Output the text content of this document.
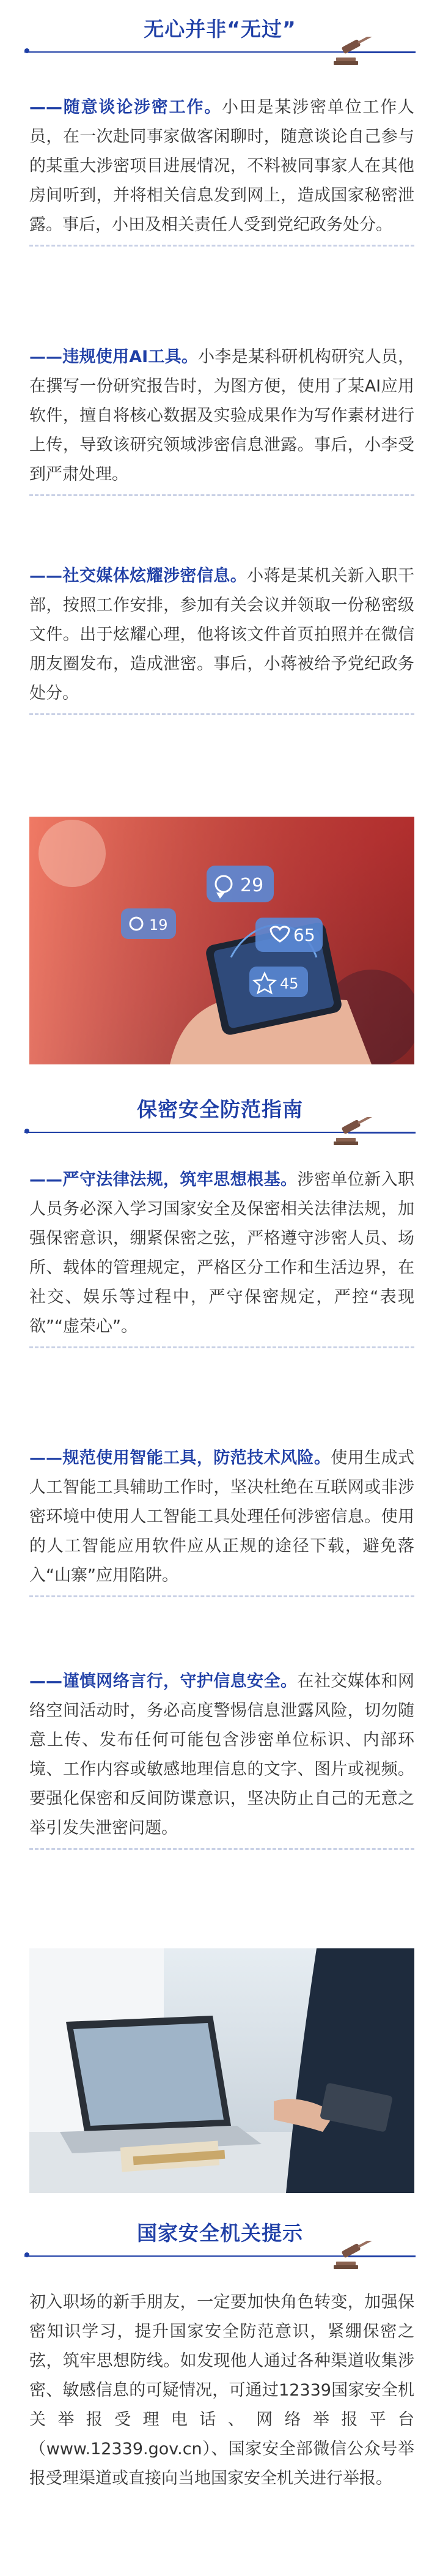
无心并非“无过”

——随意谈论涉密工作。小田是某涉密单位工作人员，在一次赴同事家做客闲聊时，随意谈论自己参与的某重大涉密项目进展情况，不料被同事家人在其他房间听到，并将相关信息发到网上，造成国家秘密泄露。事后，小田及相关责任人受到党纪政务处分。

——违规使用AI工具。小李是某科研机构研究人员，在撰写一份研究报告时，为图方便，使用了某AI应用软件，擅自将核心数据及实验成果作为写作素材进行上传，导致该研究领域涉密信息泄露。事后，小李受到严肃处理。

——社交媒体炫耀涉密信息。小蒋是某机关新入职干部，按照工作安排，参加有关会议并领取一份秘密级文件。出于炫耀心理，他将该文件首页拍照并在微信朋友圈发布，造成泄密。事后，小蒋被给予党纪政务处分。

29
19	65
45
保密安全防范指南

——严守法律法规，筑牢思想根基。涉密单位新入职人员务必深入学习国家安全及保密相关法律法规，加强保密意识，绷紧保密之弦，严格遵守涉密人员、场所、载体的管理规定，严格区分工作和生活边界，在社交、娱乐等过程中，严守保密规定，严控“表现欲”“虚荣心”。

——规范使用智能工具，防范技术风险。使用生成式人工智能工具辅助工作时，坚决杜绝在互联网或非涉密环境中使用人工智能工具处理任何涉密信息。使用的人工智能应用软件应从正规的途径下载，避免落入“山寨”应用陷阱。

——谨慎网络言行，守护信息安全。在社交媒体和网络空间活动时，务必高度警惕信息泄露风险，切勿随意上传、发布任何可能包含涉密单位标识、内部环境、工作内容或敏感地理信息的文字、图片或视频。要强化保密和反间防谍意识，坚决防止自己的无意之举引发失泄密问题。

国家安全机关提示

初入职场的新手朋友，一定要加快角色转变，加强保密知识学习，提升国家安全防范意识，紧绷保密之弦，筑牢思想防线。如发现他人通过各种渠道收集涉密、敏感信息的可疑情况，可通过12339国家安全机关举报受理电话、网络举报平台（www.12339.gov.cn）、国家安全部微信公众号举报受理渠道或直接向当地国家安全机关进行举报。
